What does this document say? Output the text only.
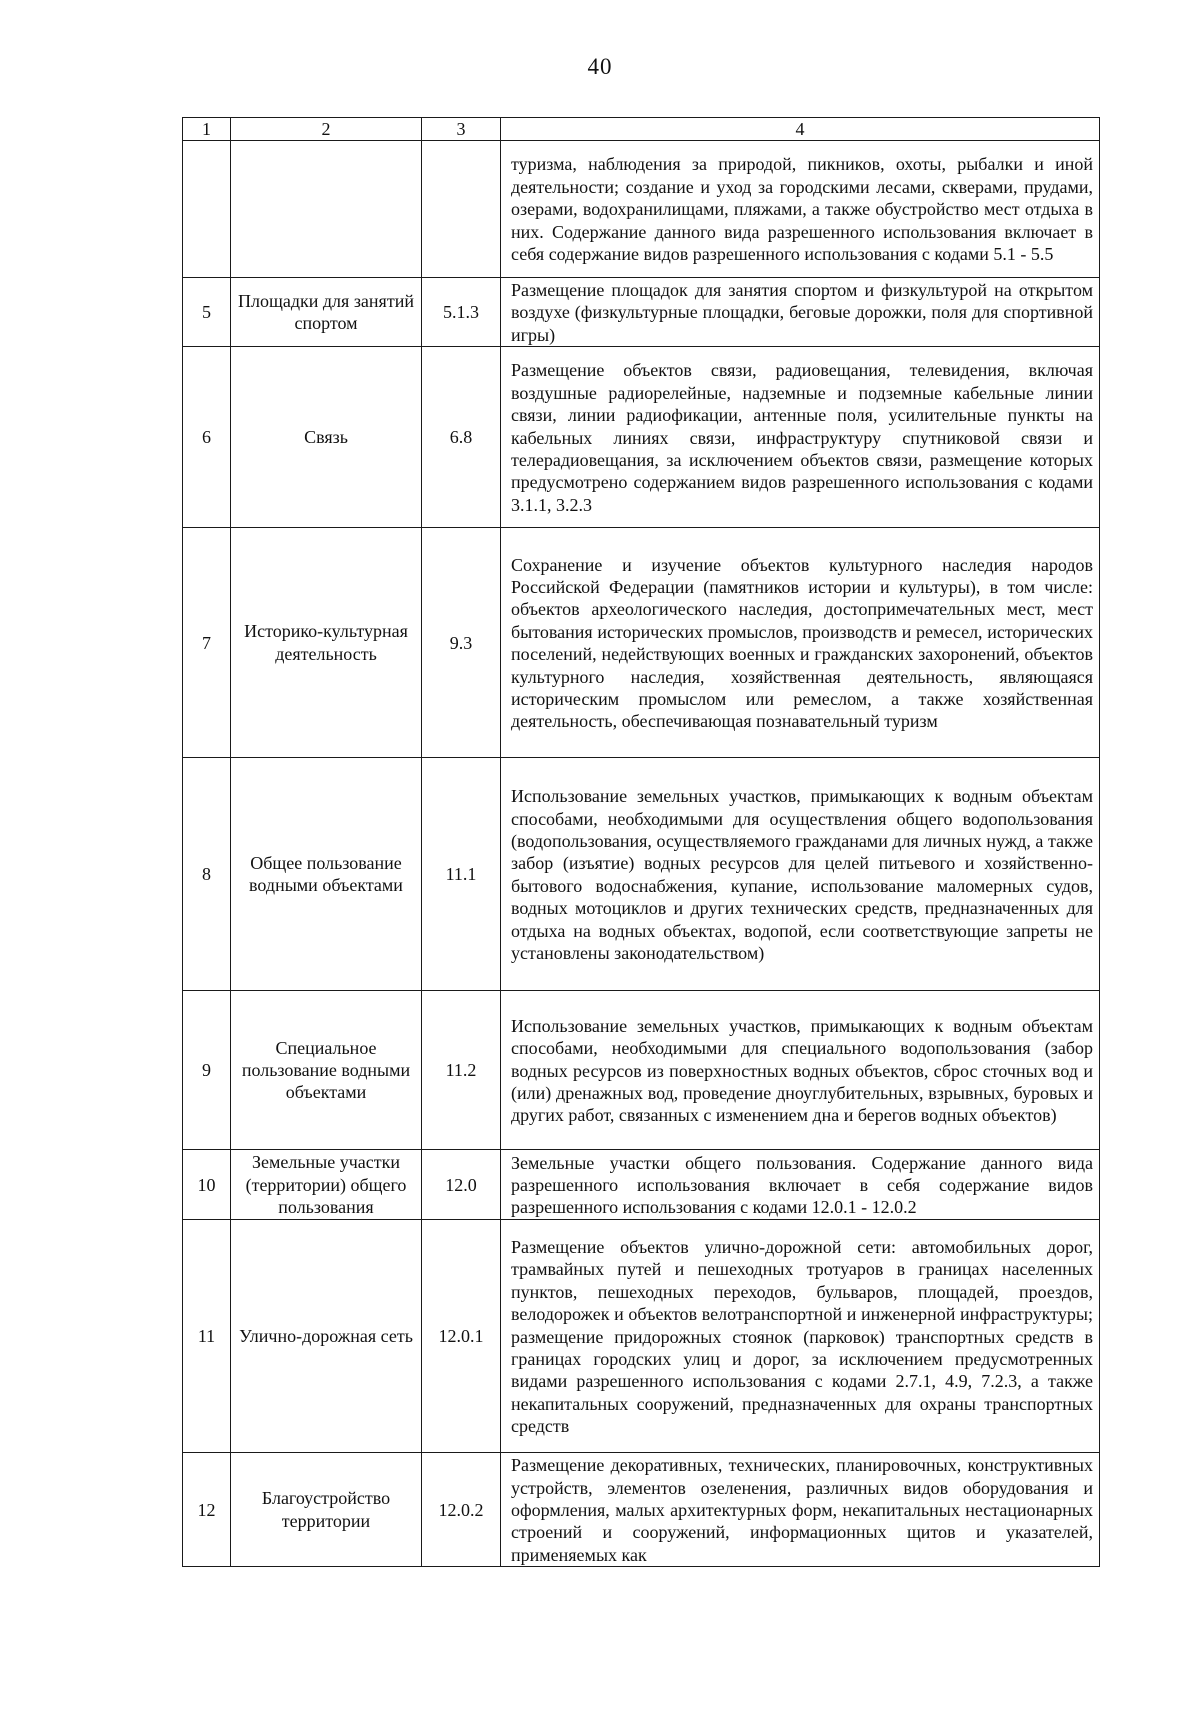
40
1	2	3	4
			туризма, наблюдения за природой, пикников, охоты, рыбалки и иной деятельности; создание и уход за городскими лесами, скверами, прудами, озерами, водохранилищами, пляжами, а также обустройство мест отдыха в них. Содержание данного вида разрешенного использования включает в себя содержание видов разрешенного использования с кодами 5.1 - 5.5
5	Площадки для занятий спортом	5.1.3	Размещение площадок для занятия спортом и физкультурой на открытом воздухе (физкультурные площадки, беговые дорожки, поля для спортивной игры)
6	Связь	6.8	Размещение объектов связи, радиовещания, телевидения, включая воздушные радиорелейные, надземные и подземные кабельные линии связи, линии радиофикации, антенные поля, усилительные пункты на кабельных линиях связи, инфраструктуру спутниковой связи и телерадиовещания, за исключением объектов связи, размещение которых предусмотрено содержанием видов разрешенного использования с кодами 3.1.1, 3.2.3
7	Историко-культурная деятельность	9.3	Сохранение и изучение объектов культурного наследия народов Российской Федерации (памятников истории и культуры), в том числе: объектов археологического наследия, достопримечательных мест, мест бытования исторических промыслов, производств и ремесел, исторических поселений, недействующих военных и гражданских захоронений, объектов культурного наследия, хозяйственная деятельность, являющаяся историческим промыслом или ремеслом, а также хозяйственная деятельность, обеспечивающая познавательный туризм
8	Общее пользование водными объектами	11.1	Использование земельных участков, примыкающих к водным объектам способами, необходимыми для осуществления общего водопользования (водопользования, осуществляемого гражданами для личных нужд, а также забор (изъятие) водных ресурсов для целей питьевого и хозяйственно-бытового водоснабжения, купание, использование маломерных судов, водных мотоциклов и других технических средств, предназначенных для отдыха на водных объектах, водопой, если соответствующие запреты не установлены законодательством)
9	Специальное пользование водными объектами	11.2	Использование земельных участков, примыкающих к водным объектам способами, необходимыми для специального водопользования (забор водных ресурсов из поверхностных водных объектов, сброс сточных вод и (или) дренажных вод, проведение дноуглубительных, взрывных, буровых и других работ, связанных с изменением дна и берегов водных объектов)
10	Земельные участки (территории) общего пользования	12.0	Земельные участки общего пользования. Содержание данного вида разрешенного использования включает в себя содержание видов разрешенного использования с кодами 12.0.1 - 12.0.2
11	Улично-дорожная сеть	12.0.1	Размещение объектов улично-дорожной сети: автомобильных дорог, трамвайных путей и пешеходных тротуаров в границах населенных пунктов, пешеходных переходов, бульваров, площадей, проездов, велодорожек и объектов велотранспортной и инженерной инфраструктуры; размещение придорожных стоянок (парковок) транспортных средств в границах городских улиц и дорог, за исключением предусмотренных видами разрешенного использования с кодами 2.7.1, 4.9, 7.2.3, а также некапитальных сооружений, предназначенных для охраны транспортных средств
12	Благоустройство территории	12.0.2	Размещение декоративных, технических, планировочных, конструктивных устройств, элементов озеленения, различных видов оборудования и оформления, малых архитектурных форм, некапитальных нестационарных строений и сооружений, информационных щитов и указателей, применяемых как
